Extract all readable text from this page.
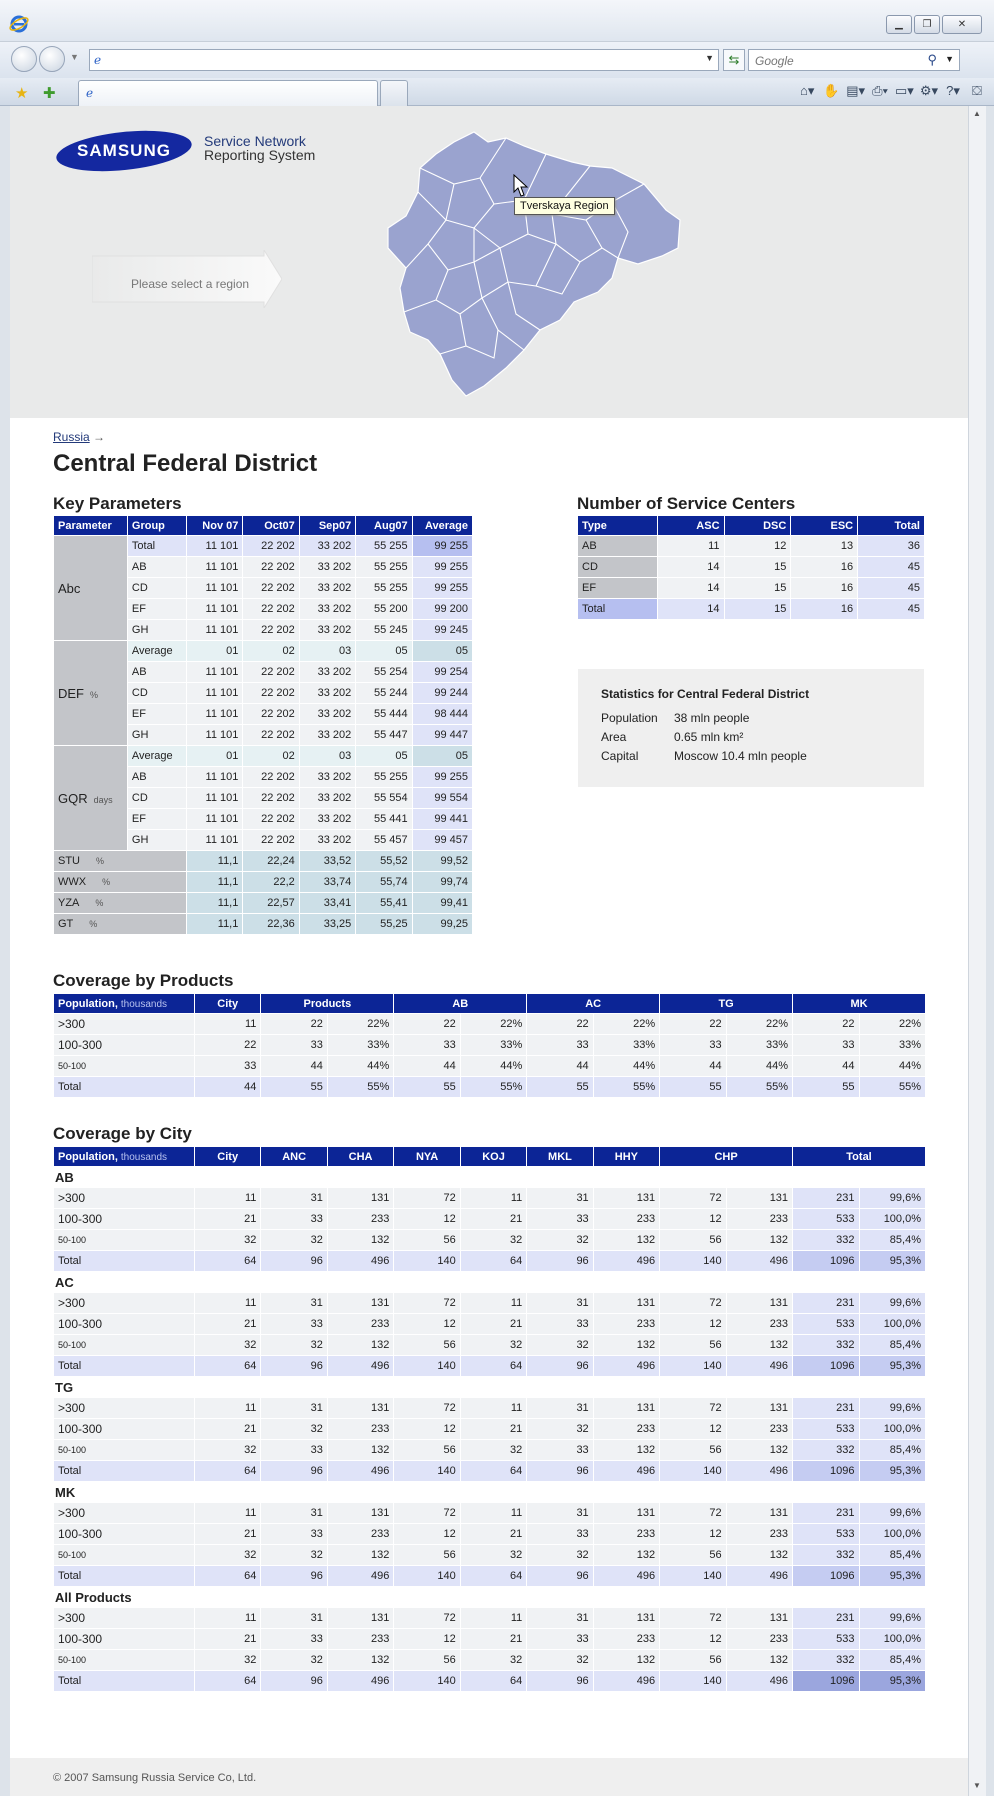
▁ ❐	✕
▼ ℯ	▼	⇆	Google	⚲ ▼
★ ✚	ℯ	⌂▾ ✋ ▤▾ ⎙▾ ▭▾ ⚙▾ ?▾ ⛋
▲
▼
SAMSUNG Service Network
Reporting System
Please select a region
Tverskaya Region
Russia →
Central Federal District
Key Parameters
Parameter	Group	Nov 07	Oct07	Sep07	Aug07	Average
Abc	Total	11 101	22 202	33 202	55 255	99 255
	AB	11 101	22 202	33 202	55 255	99 255
	CD	11 101	22 202	33 202	55 255	99 255
	EF	11 101	22 202	33 202	55 200	99 200
	GH	11 101	22 202	33 202	55 245	99 245
DEF %	Average	01	02	03	05	05
	AB	11 101	22 202	33 202	55 254	99 254
	CD	11 101	22 202	33 202	55 244	99 244
	EF	11 101	22 202	33 202	55 444	98 444
	GH	11 101	22 202	33 202	55 447	99 447
GQR days	Average	01	02	03	05	05
	AB	11 101	22 202	33 202	55 255	99 255
	CD	11 101	22 202	33 202	55 554	99 554
	EF	11 101	22 202	33 202	55 441	99 441
	GH	11 101	22 202	33 202	55 457	99 457
STU %		11,1	22,24	33,52	55,52	99,52
WWX %		11,1	22,2	33,74	55,74	99,74
YZA %		11,1	22,57	33,41	55,41	99,41
GT %		11,1	22,36	33,25	55,25	99,25
Number of Service Centers
Type	ASC	DSC	ESC	Total
AB	11	12	13	36
CD	14	15	16	45
EF	14	15	16	45
Total	14	15	16	45
Statistics for Central Federal District
Population 38 mln people
Area	0.65 mln km²
Capital	Moscow 10.4 mln people
Coverage by Products
Population, thousands	City	Products		AB		AC		TG		MK	
>300	11	22	22%	22	22%	22	22%	22	22%	22	22%
100-300	22	33	33%	33	33%	33	33%	33	33%	33	33%
50-100	33	44	44%	44	44%	44	44%	44	44%	44	44%
Total	44	55	55%	55	55%	55	55%	55	55%	55	55%
Coverage by City
Population, thousands	City	ANC	CHA	NYA	KOJ	MKL	HHY	CHP		Total	
AB											
>300	11	31	131	72	11	31	131	72	131	231	99,6%
100-300	21	33	233	12	21	33	233	12	233	533	100,0%
50-100	32	32	132	56	32	32	132	56	132	332	85,4%
Total	64	96	496	140	64	96	496	140	496	1096	95,3%
AC											
>300	11	31	131	72	11	31	131	72	131	231	99,6%
100-300	21	33	233	12	21	33	233	12	233	533	100,0%
50-100	32	32	132	56	32	32	132	56	132	332	85,4%
Total	64	96	496	140	64	96	496	140	496	1096	95,3%
TG											
>300	11	31	131	72	11	31	131	72	131	231	99,6%
100-300	21	32	233	12	21	32	233	12	233	533	100,0%
50-100	32	33	132	56	32	33	132	56	132	332	85,4%
Total	64	96	496	140	64	96	496	140	496	1096	95,3%
MK											
>300	11	31	131	72	11	31	131	72	131	231	99,6%
100-300	21	33	233	12	21	33	233	12	233	533	100,0%
50-100	32	32	132	56	32	32	132	56	132	332	85,4%
Total	64	96	496	140	64	96	496	140	496	1096	95,3%
All Products											
>300	11	31	131	72	11	31	131	72	131	231	99,6%
100-300	21	33	233	12	21	33	233	12	233	533	100,0%
50-100	32	32	132	56	32	32	132	56	132	332	85,4%
Total	64	96	496	140	64	96	496	140	496	1096	95,3%
© 2007 Samsung Russia Service Co, Ltd.
